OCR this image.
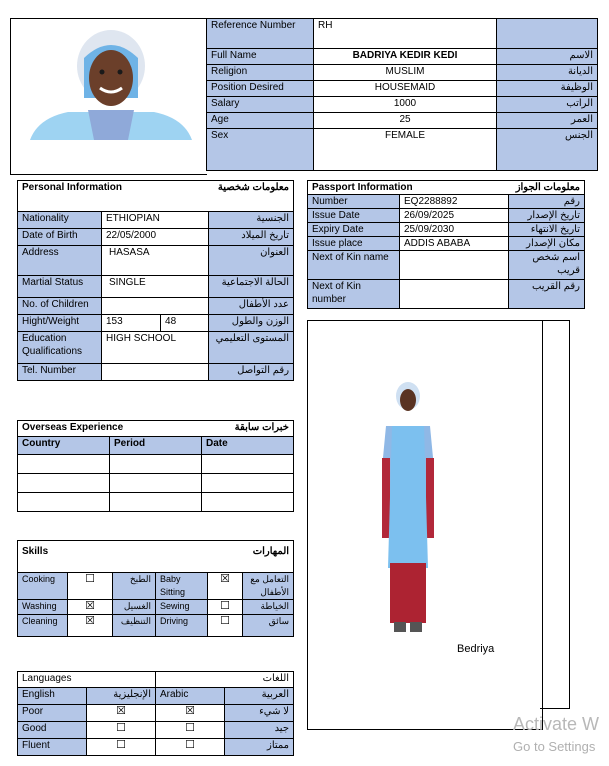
Reference Number	RH	
Full Name	BADRIYA KEDIR KEDI	الاسم
Religion	MUSLIM	الديانة
Position Desired	HOUSEMAID	الوظيفة
Salary	1000	الراتب
Age	25	العمر
Sex	FEMALE	الجنس
Personal Information		معلومات شخصية	
Nationality	ETHIOPIAN		الجنسية
Date of Birth	22/05/2000		تاريخ الميلاد
Address	HASASA		العنوان
Martial Status	SINGLE		الحالة الاجتماعية
No. of Children			عدد الأطفال
Hight/Weight	153	48	الوزن والطول
Education Qualifications	HIGH SCHOOL		المستوى التعليمي
Tel. Number			رقم التواصل
Passport Information		معلومات الجواز
Number	EQ2288892	رقم
Issue Date	26/09/2025	تاريخ الإصدار
Expiry Date	25/09/2030	تاريخ الانتهاء
Issue place	ADDIS ABABA	مكان الإصدار
Next of Kin name		اسم شخص قريب
Next of Kin number		رقم القريب
Bedriya
Overseas Experience		خبرات سابقة
Country	Period	Date

Skills			المهارات		
Cooking	☐	الطبخ	Baby Sitting	☒	التعامل مع الأطفال
Washing	☒	الغسيل	Sewing	☐	الخياطة
Cleaning	☒	التنظيف	Driving	☐	سائق
Languages		اللغات	
English	الإنجليزية	Arabic	العربية
Poor	☒	☒	لا شيء
Good	☐	☐	جيد
Fluent	☐	☐	ممتاز
Activate W
Go to Settings
